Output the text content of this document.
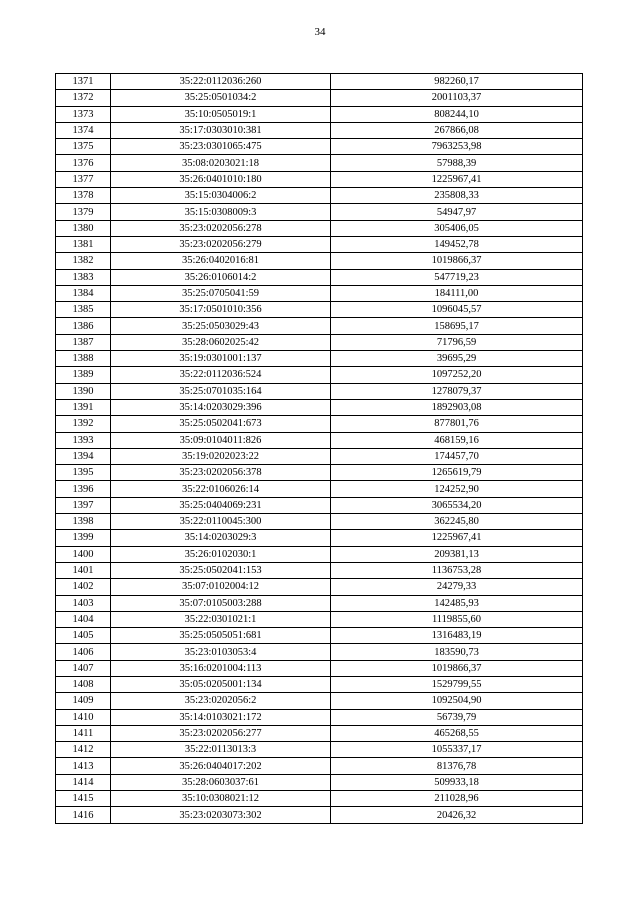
34
1371	35:22:0112036:260	982260,17
1372	35:25:0501034:2	2001103,37
1373	35:10:0505019:1	808244,10
1374	35:17:0303010:381	267866,08
1375	35:23:0301065:475	7963253,98
1376	35:08:0203021:18	57988,39
1377	35:26:0401010:180	1225967,41
1378	35:15:0304006:2	235808,33
1379	35:15:0308009:3	54947,97
1380	35:23:0202056:278	305406,05
1381	35:23:0202056:279	149452,78
1382	35:26:0402016:81	1019866,37
1383	35:26:0106014:2	547719,23
1384	35:25:0705041:59	184111,00
1385	35:17:0501010:356	1096045,57
1386	35:25:0503029:43	158695,17
1387	35:28:0602025:42	71796,59
1388	35:19:0301001:137	39695,29
1389	35:22:0112036:524	1097252,20
1390	35:25:0701035:164	1278079,37
1391	35:14:0203029:396	1892903,08
1392	35:25:0502041:673	877801,76
1393	35:09:0104011:826	468159,16
1394	35:19:0202023:22	174457,70
1395	35:23:0202056:378	1265619,79
1396	35:22:0106026:14	124252,90
1397	35:25:0404069:231	3065534,20
1398	35:22:0110045:300	362245,80
1399	35:14:0203029:3	1225967,41
1400	35:26:0102030:1	209381,13
1401	35:25:0502041:153	1136753,28
1402	35:07:0102004:12	24279,33
1403	35:07:0105003:288	142485,93
1404	35:22:0301021:1	1119855,60
1405	35:25:0505051:681	1316483,19
1406	35:23:0103053:4	183590,73
1407	35:16:0201004:113	1019866,37
1408	35:05:0205001:134	1529799,55
1409	35:23:0202056:2	1092504,90
1410	35:14:0103021:172	56739,79
1411	35:23:0202056:277	465268,55
1412	35:22:0113013:3	1055337,17
1413	35:26:0404017:202	81376,78
1414	35:28:0603037:61	509933,18
1415	35:10:0308021:12	211028,96
1416	35:23:0203073:302	20426,32
